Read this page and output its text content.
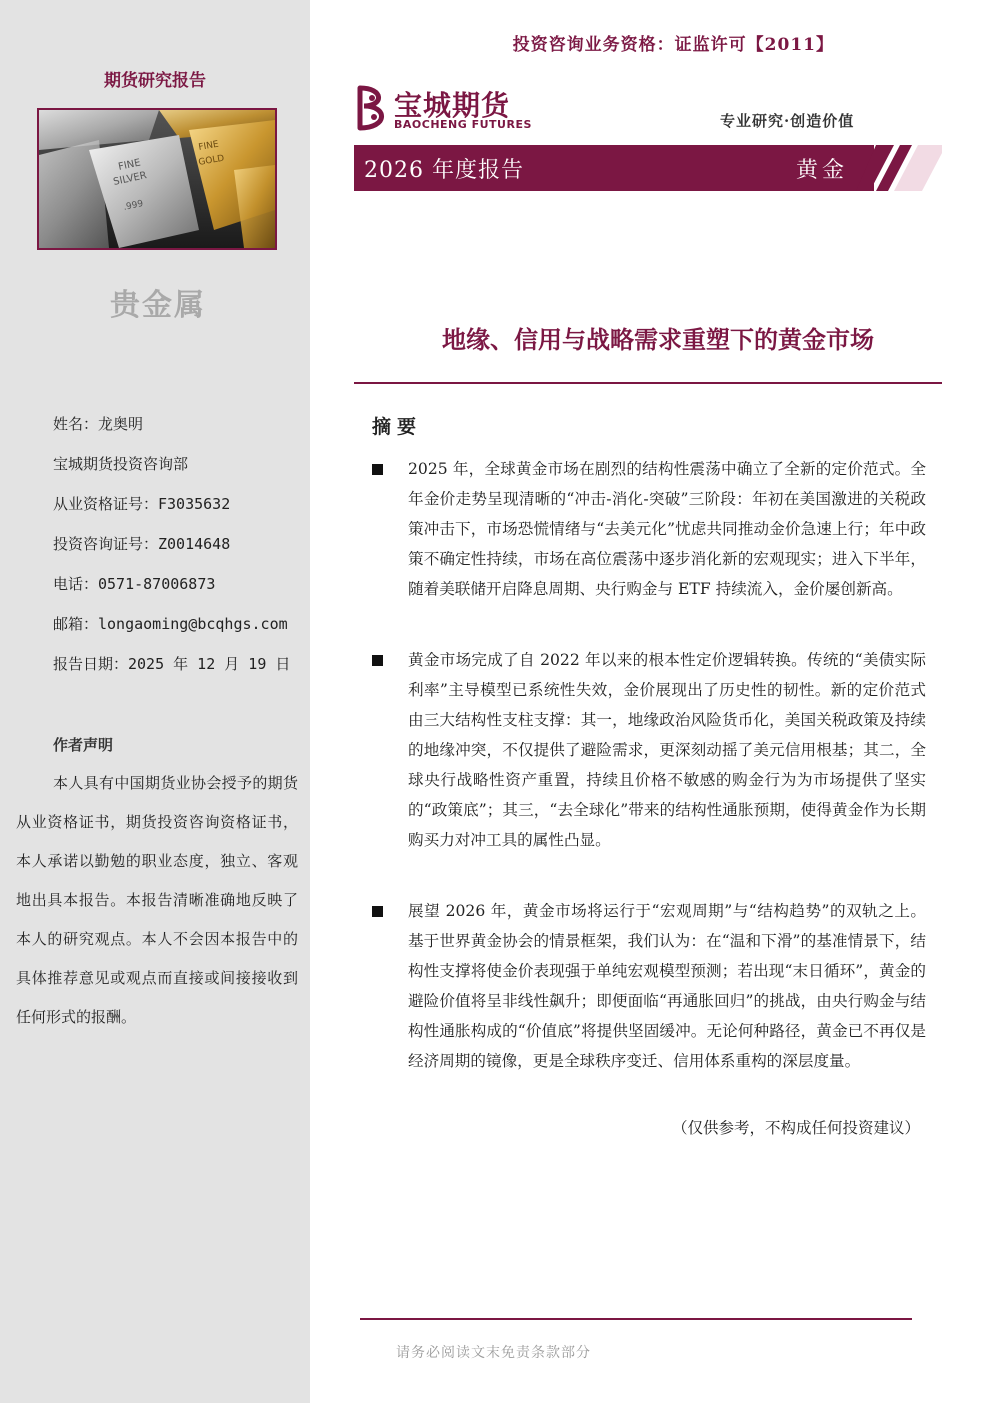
期货研究报告
FINE
SILVER
.999
FINE
GOLD
贵金属
姓名：龙奥明
宝城期货投资咨询部
从业资格证号：F3035632
投资咨询证号：Z0014648
电话：0571-87006873
邮箱：longaoming@bcqhgs.com
报告日期：2025 年 12 月 19 日
作者声明
本人具有中国期货业协会授予的期货从业资格证书，期货投资咨询资格证书，本人承诺以勤勉的职业态度，独立、客观地出具本报告。本报告清晰准确地反映了本人的研究观点。本人不会因本报告中的具体推荐意见或观点而直接或间接接收到任何形式的报酬。
投资咨询业务资格：证监许可【2011】
宝城期货
BAOCHENG FUTURES	专业研究·创造价值
2026 年度报告	黄金
地缘、信用与战略需求重塑下的黄金市场
摘要
2025 年，全球黄金市场在剧烈的结构性震荡中确立了全新的定价范式。全年金价走势呈现清晰的“冲击-消化-突破”三阶段：年初在美国激进的关税政策冲击下，市场恐慌情绪与“去美元化”忧虑共同推动金价急速上行；年中政策不确定性持续，市场在高位震荡中逐步消化新的宏观现实；进入下半年，随着美联储开启降息周期、央行购金与 ETF 持续流入，金价屡创新高。
黄金市场完成了自 2022 年以来的根本性定价逻辑转换。传统的“美债实际利率”主导模型已系统性失效，金价展现出了历史性的韧性。新的定价范式由三大结构性支柱支撑：其一，地缘政治风险货币化，美国关税政策及持续的地缘冲突，不仅提供了避险需求，更深刻动摇了美元信用根基；其二，全球央行战略性资产重置，持续且价格不敏感的购金行为为市场提供了坚实的“政策底”；其三，“去全球化”带来的结构性通胀预期，使得黄金作为长期购买力对冲工具的属性凸显。
展望 2026 年，黄金市场将运行于“宏观周期”与“结构趋势”的双轨之上。基于世界黄金协会的情景框架，我们认为：在“温和下滑”的基准情景下，结构性支撑将使金价表现强于单纯宏观模型预测；若出现“末日循环”，黄金的避险价值将呈非线性飙升；即便面临“再通胀回归”的挑战，由央行购金与结构性通胀构成的“价值底”将提供坚固缓冲。无论何种路径，黄金已不再仅是经济周期的镜像，更是全球秩序变迁、信用体系重构的深层度量。
（仅供参考，不构成任何投资建议）
请务必阅读文末免责条款部分
